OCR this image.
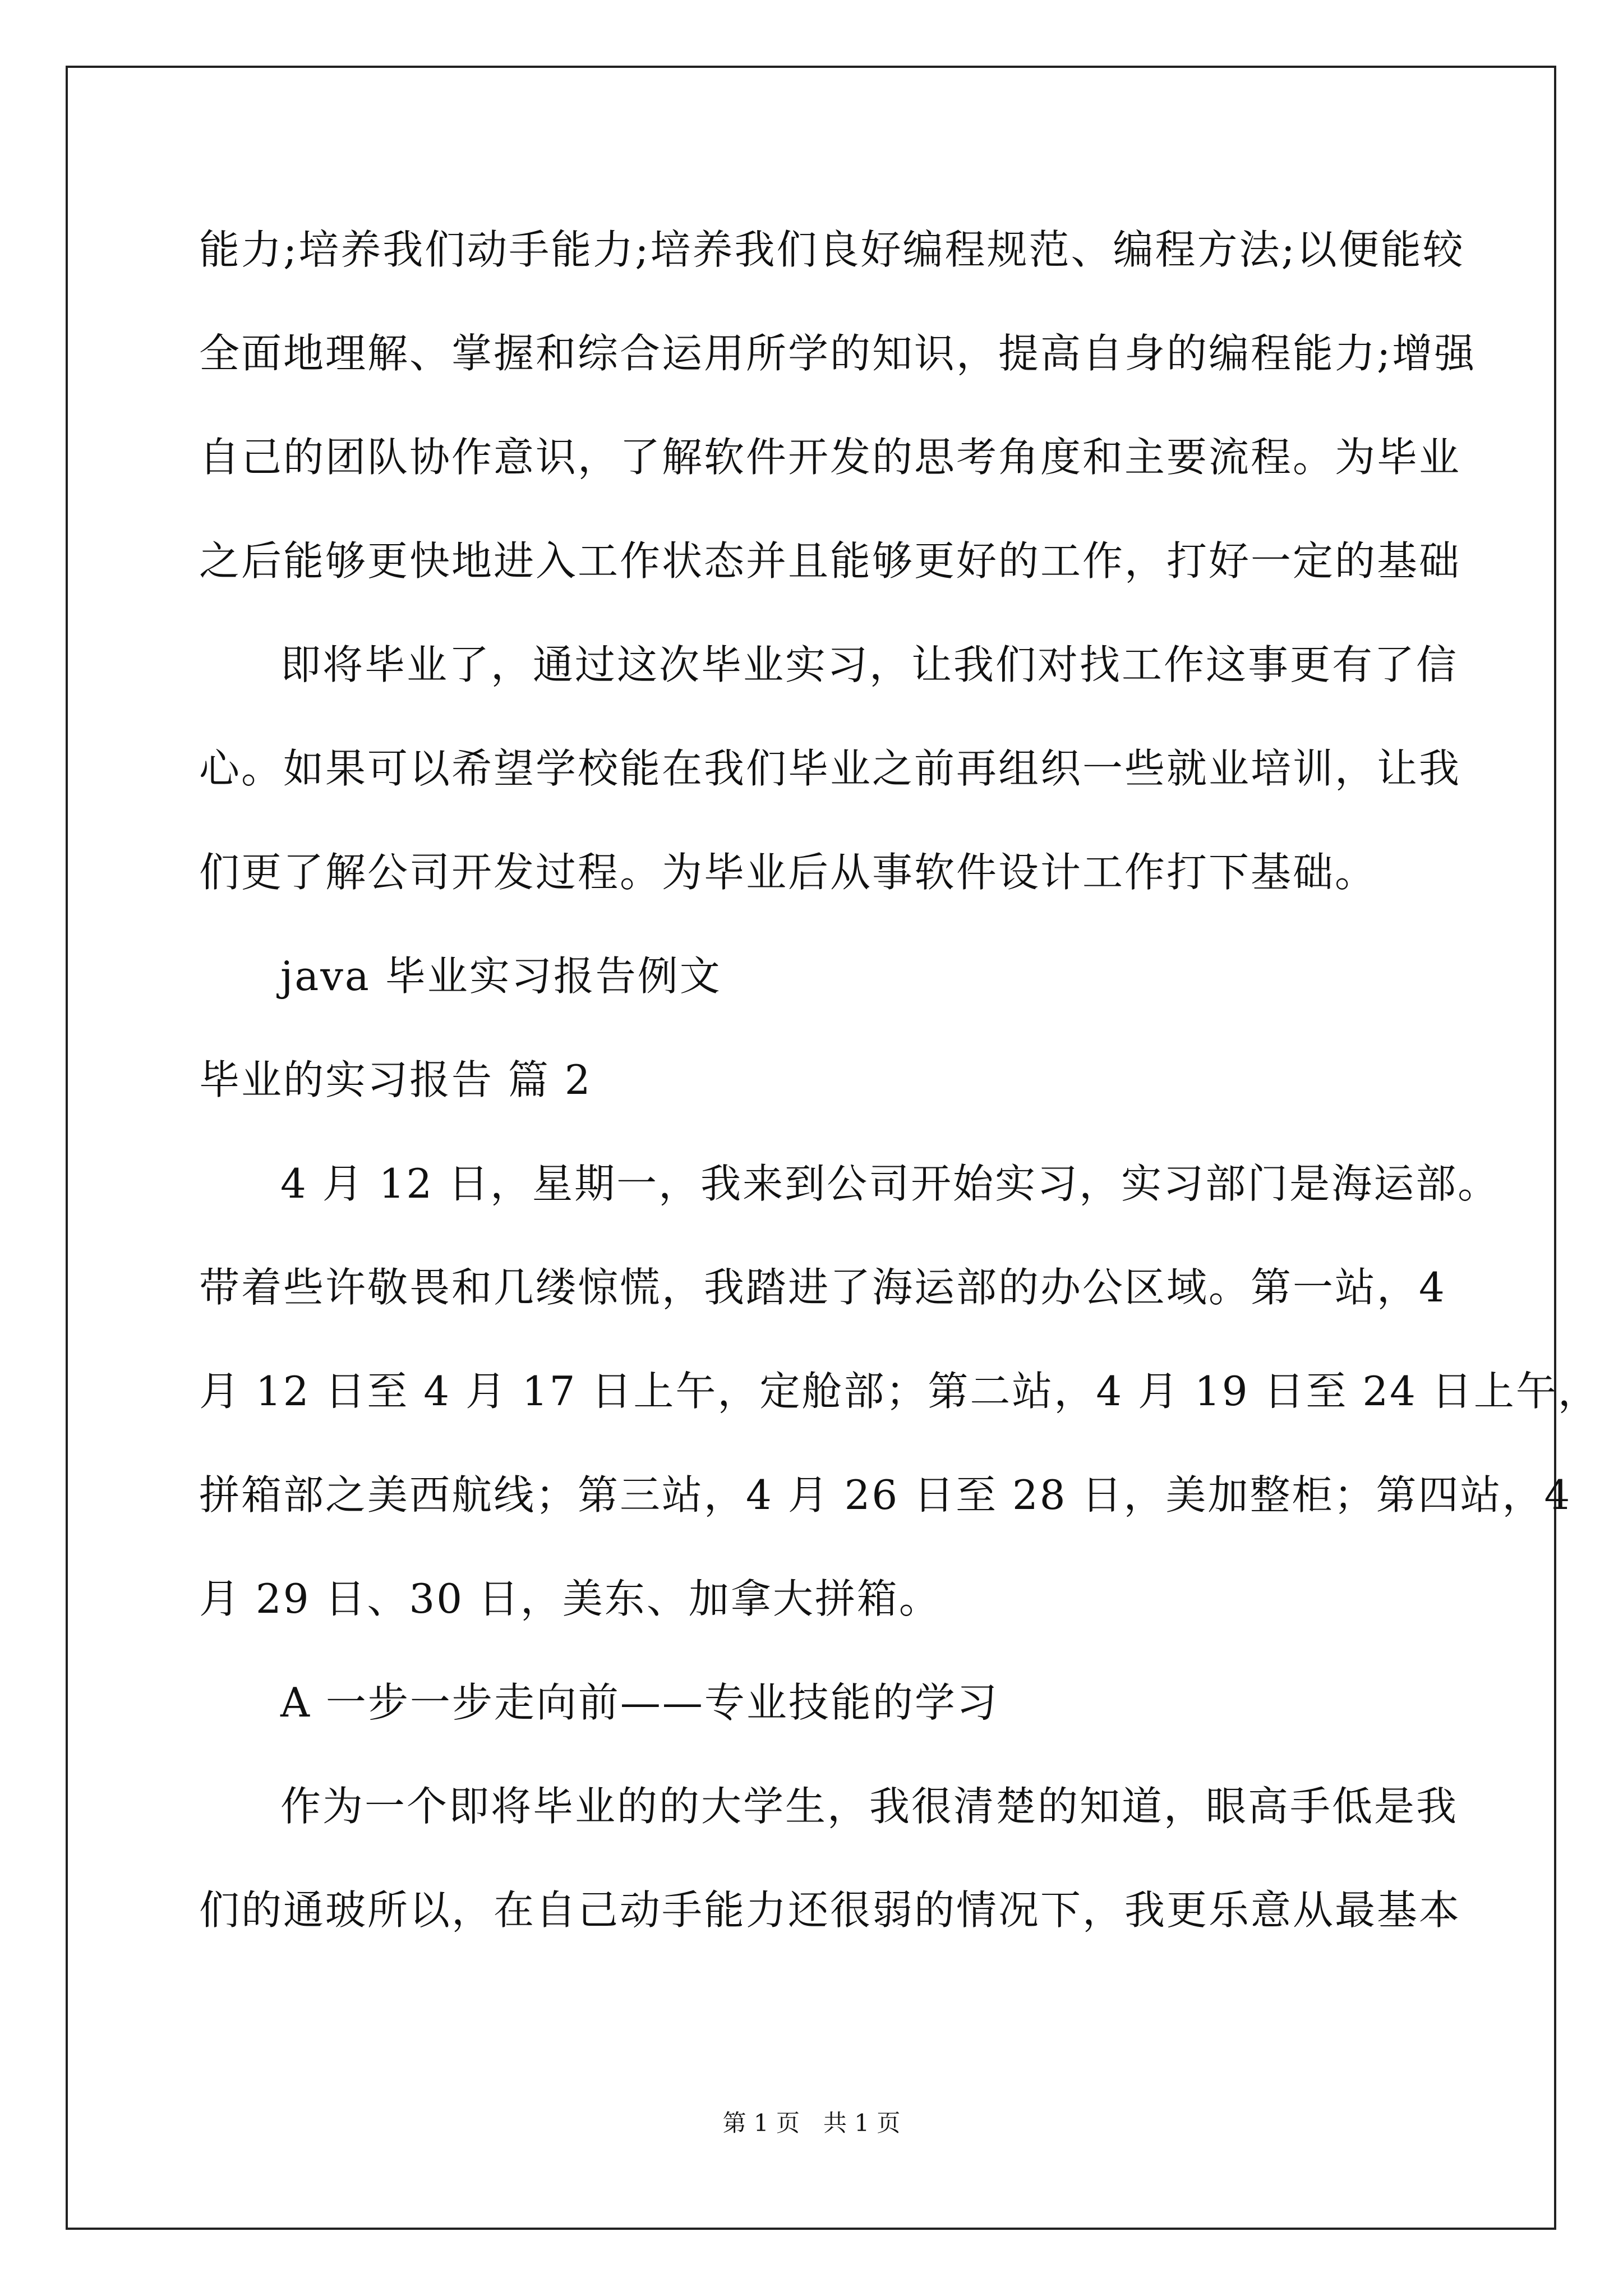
能力;培养我们动手能力;培养我们良好编程规范、编程方法;以便能较
全面地理解、掌握和综合运用所学的知识，提高自身的编程能力;增强
自己的团队协作意识，了解软件开发的思考角度和主要流程。为毕业
之后能够更快地进入工作状态并且能够更好的工作，打好一定的基础
即将毕业了，通过这次毕业实习，让我们对找工作这事更有了信
心。如果可以希望学校能在我们毕业之前再组织一些就业培训，让我
们更了解公司开发过程。为毕业后从事软件设计工作打下基础。
java 毕业实习报告例文
毕业的实习报告 篇 2
4 月 12 日，星期一，我来到公司开始实习，实习部门是海运部。
带着些许敬畏和几缕惊慌，我踏进了海运部的办公区域。第一站，4
月 12 日至 4 月 17 日上午，定舱部；第二站，4 月 19 日至 24 日上午，
拼箱部之美西航线；第三站，4 月 26 日至 28 日，美加整柜；第四站，4
月 29 日、30 日，美东、加拿大拼箱。
A 一步一步走向前——专业技能的学习
作为一个即将毕业的的大学生，我很清楚的知道，眼高手低是我
们的通玻所以，在自己动手能力还很弱的情况下，我更乐意从最基本
第 1 页　共 1 页
